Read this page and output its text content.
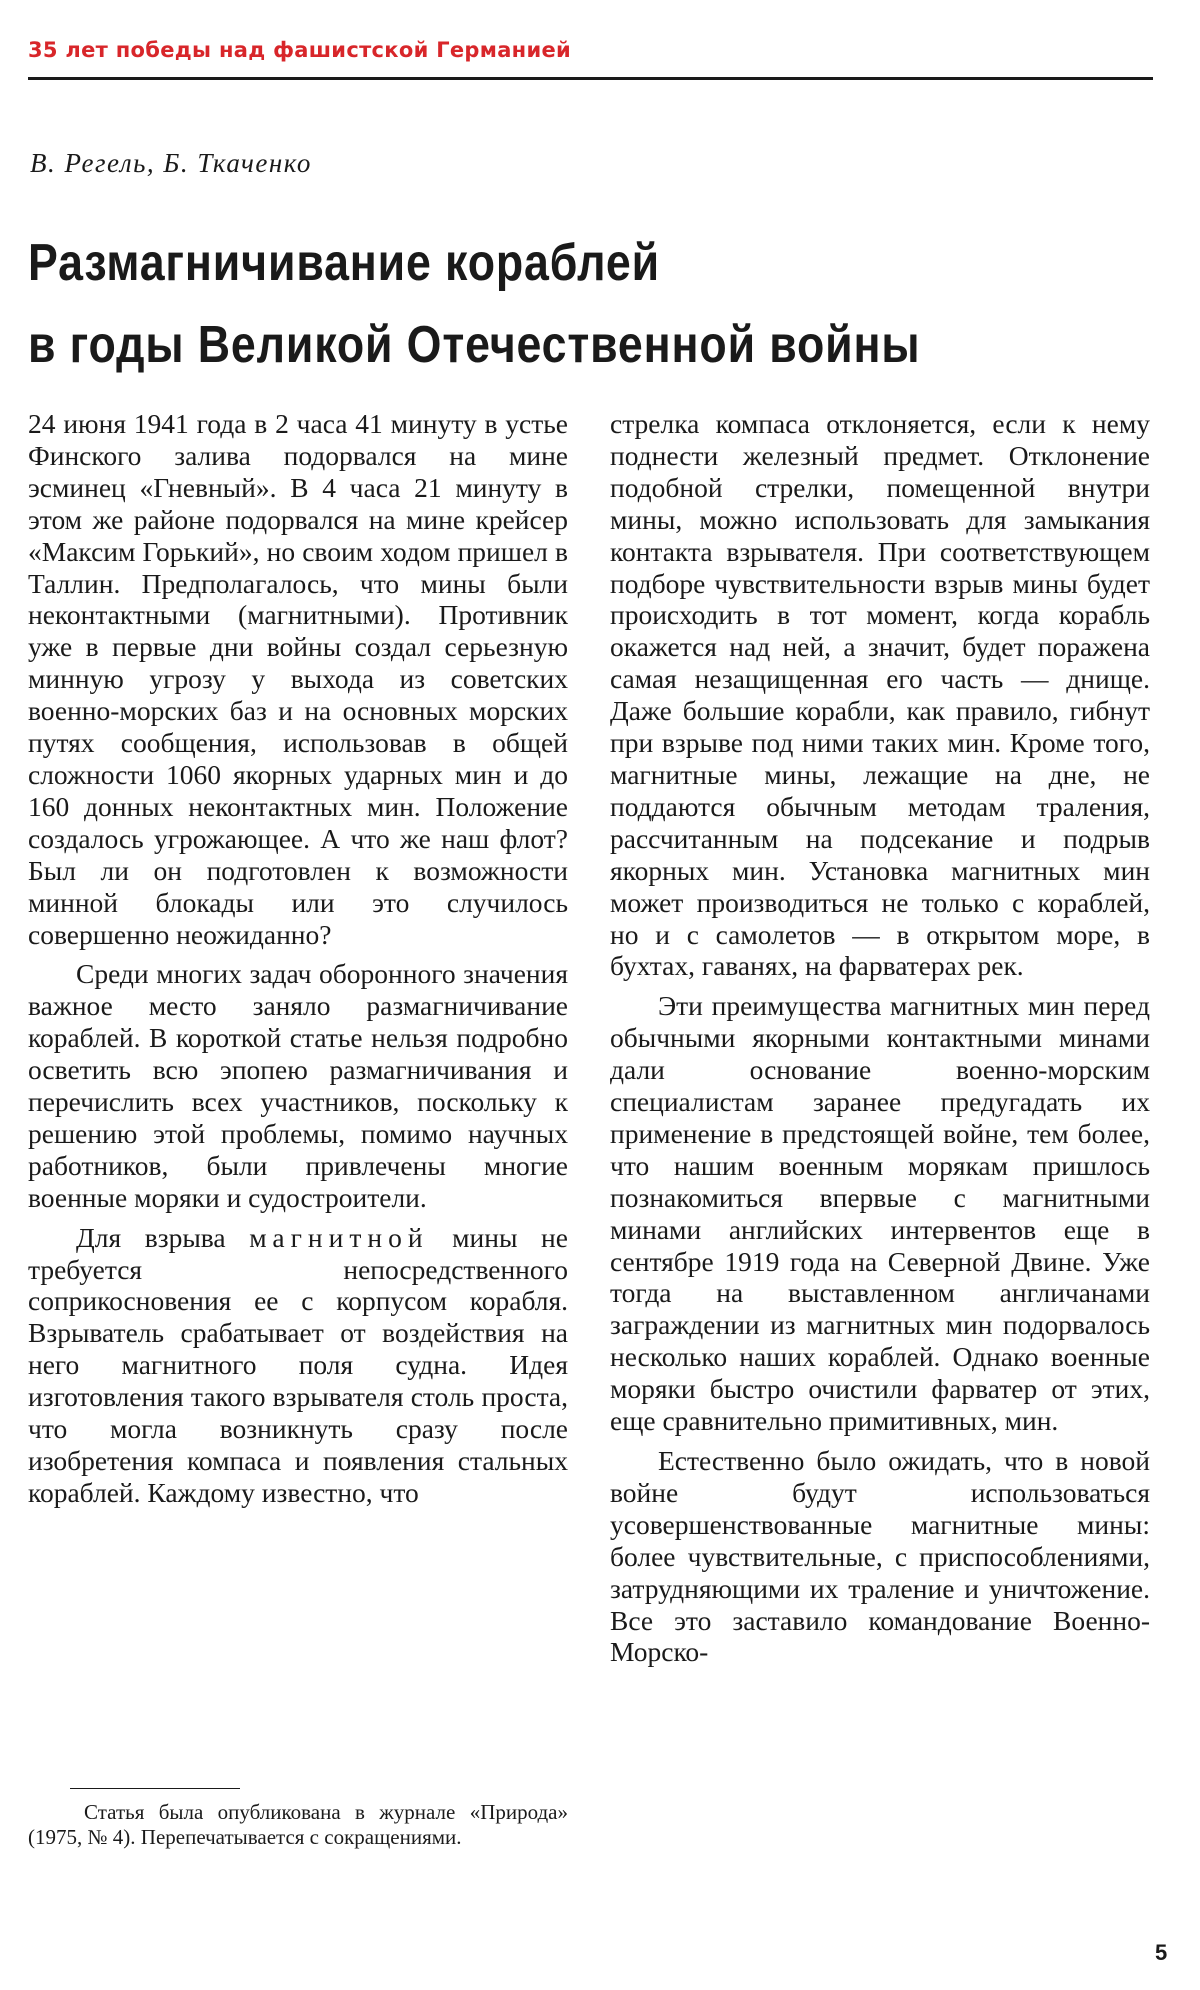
35 лет победы над фашистской Германией
В. Регель, Б. Ткаченко
Размагничивание кораблей
в годы Великой Отечественной войны

24 июня 1941 года в 2 часа 41 минуту в устье Финского залива подорвался на мине эсминец «Гневный». В 4 часа 21 минуту в этом же районе подорвался на мине крейсер «Максим Горький», но своим ходом пришел в Таллин. Предполагалось, что мины были неконтактными (магнитными). Противник уже в первые дни войны создал серьезную минную угрозу у выхода из советских военно-морских баз и на основных морских путях сообщения, использовав в общей сложности 1060 якорных ударных мин и до 160 донных неконтактных мин. Положение создалось угрожающее. А что же наш флот? Был ли он подготовлен к возможности минной блокады или это случилось совершенно неожиданно?

Среди многих задач оборонного значения важное место заняло размагничивание кораблей. В короткой статье нельзя подробно осветить всю эпопею размагничивания и перечислить всех участников, поскольку к решению этой проблемы, помимо научных работников, были привлечены многие военные моряки и судостроители.

Для взрыва магнитной мины не требуется непосредственного соприкосновения ее с корпусом корабля. Взрыватель срабатывает от воздействия на него магнитного поля судна. Идея изготовления такого взрывателя столь проста, что могла возникнуть сразу после изобретения компаса и появления стальных кораблей. Каждому известно, что

стрелка компаса отклоняется, если к нему поднести железный предмет. Отклонение подобной стрелки, помещенной внутри мины, можно использовать для замыкания контакта взрывателя. При соответствующем подборе чувствительности взрыв мины будет происходить в тот момент, когда корабль окажется над ней, а значит, будет поражена самая незащищенная его часть — днище. Даже большие корабли, как правило, гибнут при взрыве под ними таких мин. Кроме того, магнитные мины, лежащие на дне, не поддаются обычным методам траления, рассчитанным на подсекание и подрыв якорных мин. Установка магнитных мин может производиться не только с кораблей, но и с самолетов — в открытом море, в бухтах, гаванях, на фарватерах рек.

Эти преимущества магнитных мин перед обычными якорными контактными минами дали основание военно-морским специалистам заранее предугадать их применение в предстоящей войне, тем более, что нашим военным морякам пришлось познакомиться впервые с магнитными минами английских интервентов еще в сентябре 1919 года на Северной Двине. Уже тогда на выставленном англичанами заграждении из магнитных мин подорвалось несколько наших кораблей. Однако военные моряки быстро очистили фарватер от этих, еще сравнительно примитивных, мин.

Естественно было ожидать, что в новой войне будут использоваться усовершенствованные магнитные мины: более чувствительные, с приспособлениями, затрудняющими их траление и уничтожение. Все это заставило командование Военно-Морско-

Статья была опубликована в журнале «Природа» (1975, № 4). Перепечатывается с сокращениями.

5
